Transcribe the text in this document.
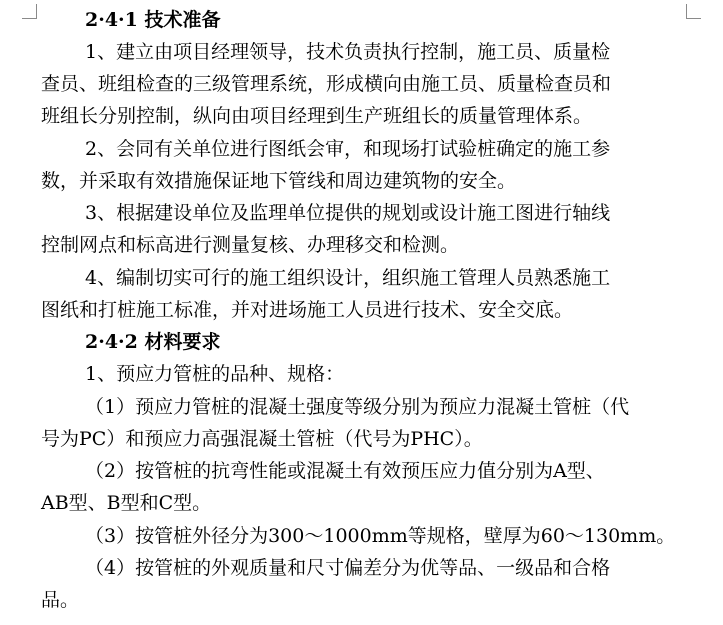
2·4·1 技术准备
1、建立由项目经理领导，技术负责执行控制，施工员、质量检
查员、班组检查的三级管理系统，形成横向由施工员、质量检查员和
班组长分别控制，纵向由项目经理到生产班组长的质量管理体系。
2、会同有关单位进行图纸会审，和现场打试验桩确定的施工参
数，并采取有效措施保证地下管线和周边建筑物的安全。
3、根据建设单位及监理单位提供的规划或设计施工图进行轴线
控制网点和标高进行测量复核、办理移交和检测。
4、编制切实可行的施工组织设计，组织施工管理人员熟悉施工
图纸和打桩施工标准，并对进场施工人员进行技术、安全交底。
2·4·2 材料要求
1、预应力管桩的品种、规格：
（1）预应力管桩的混凝土强度等级分别为预应力混凝土管桩（代
号为PC）和预应力高强混凝土管桩（代号为PHC）。
（2）按管桩的抗弯性能或混凝土有效预压应力值分别为A型、
AB型、B型和C型。
（3）按管桩外径分为300～1000mm等规格，壁厚为60～130mm。
（4）按管桩的外观质量和尺寸偏差分为优等品、一级品和合格
品。
